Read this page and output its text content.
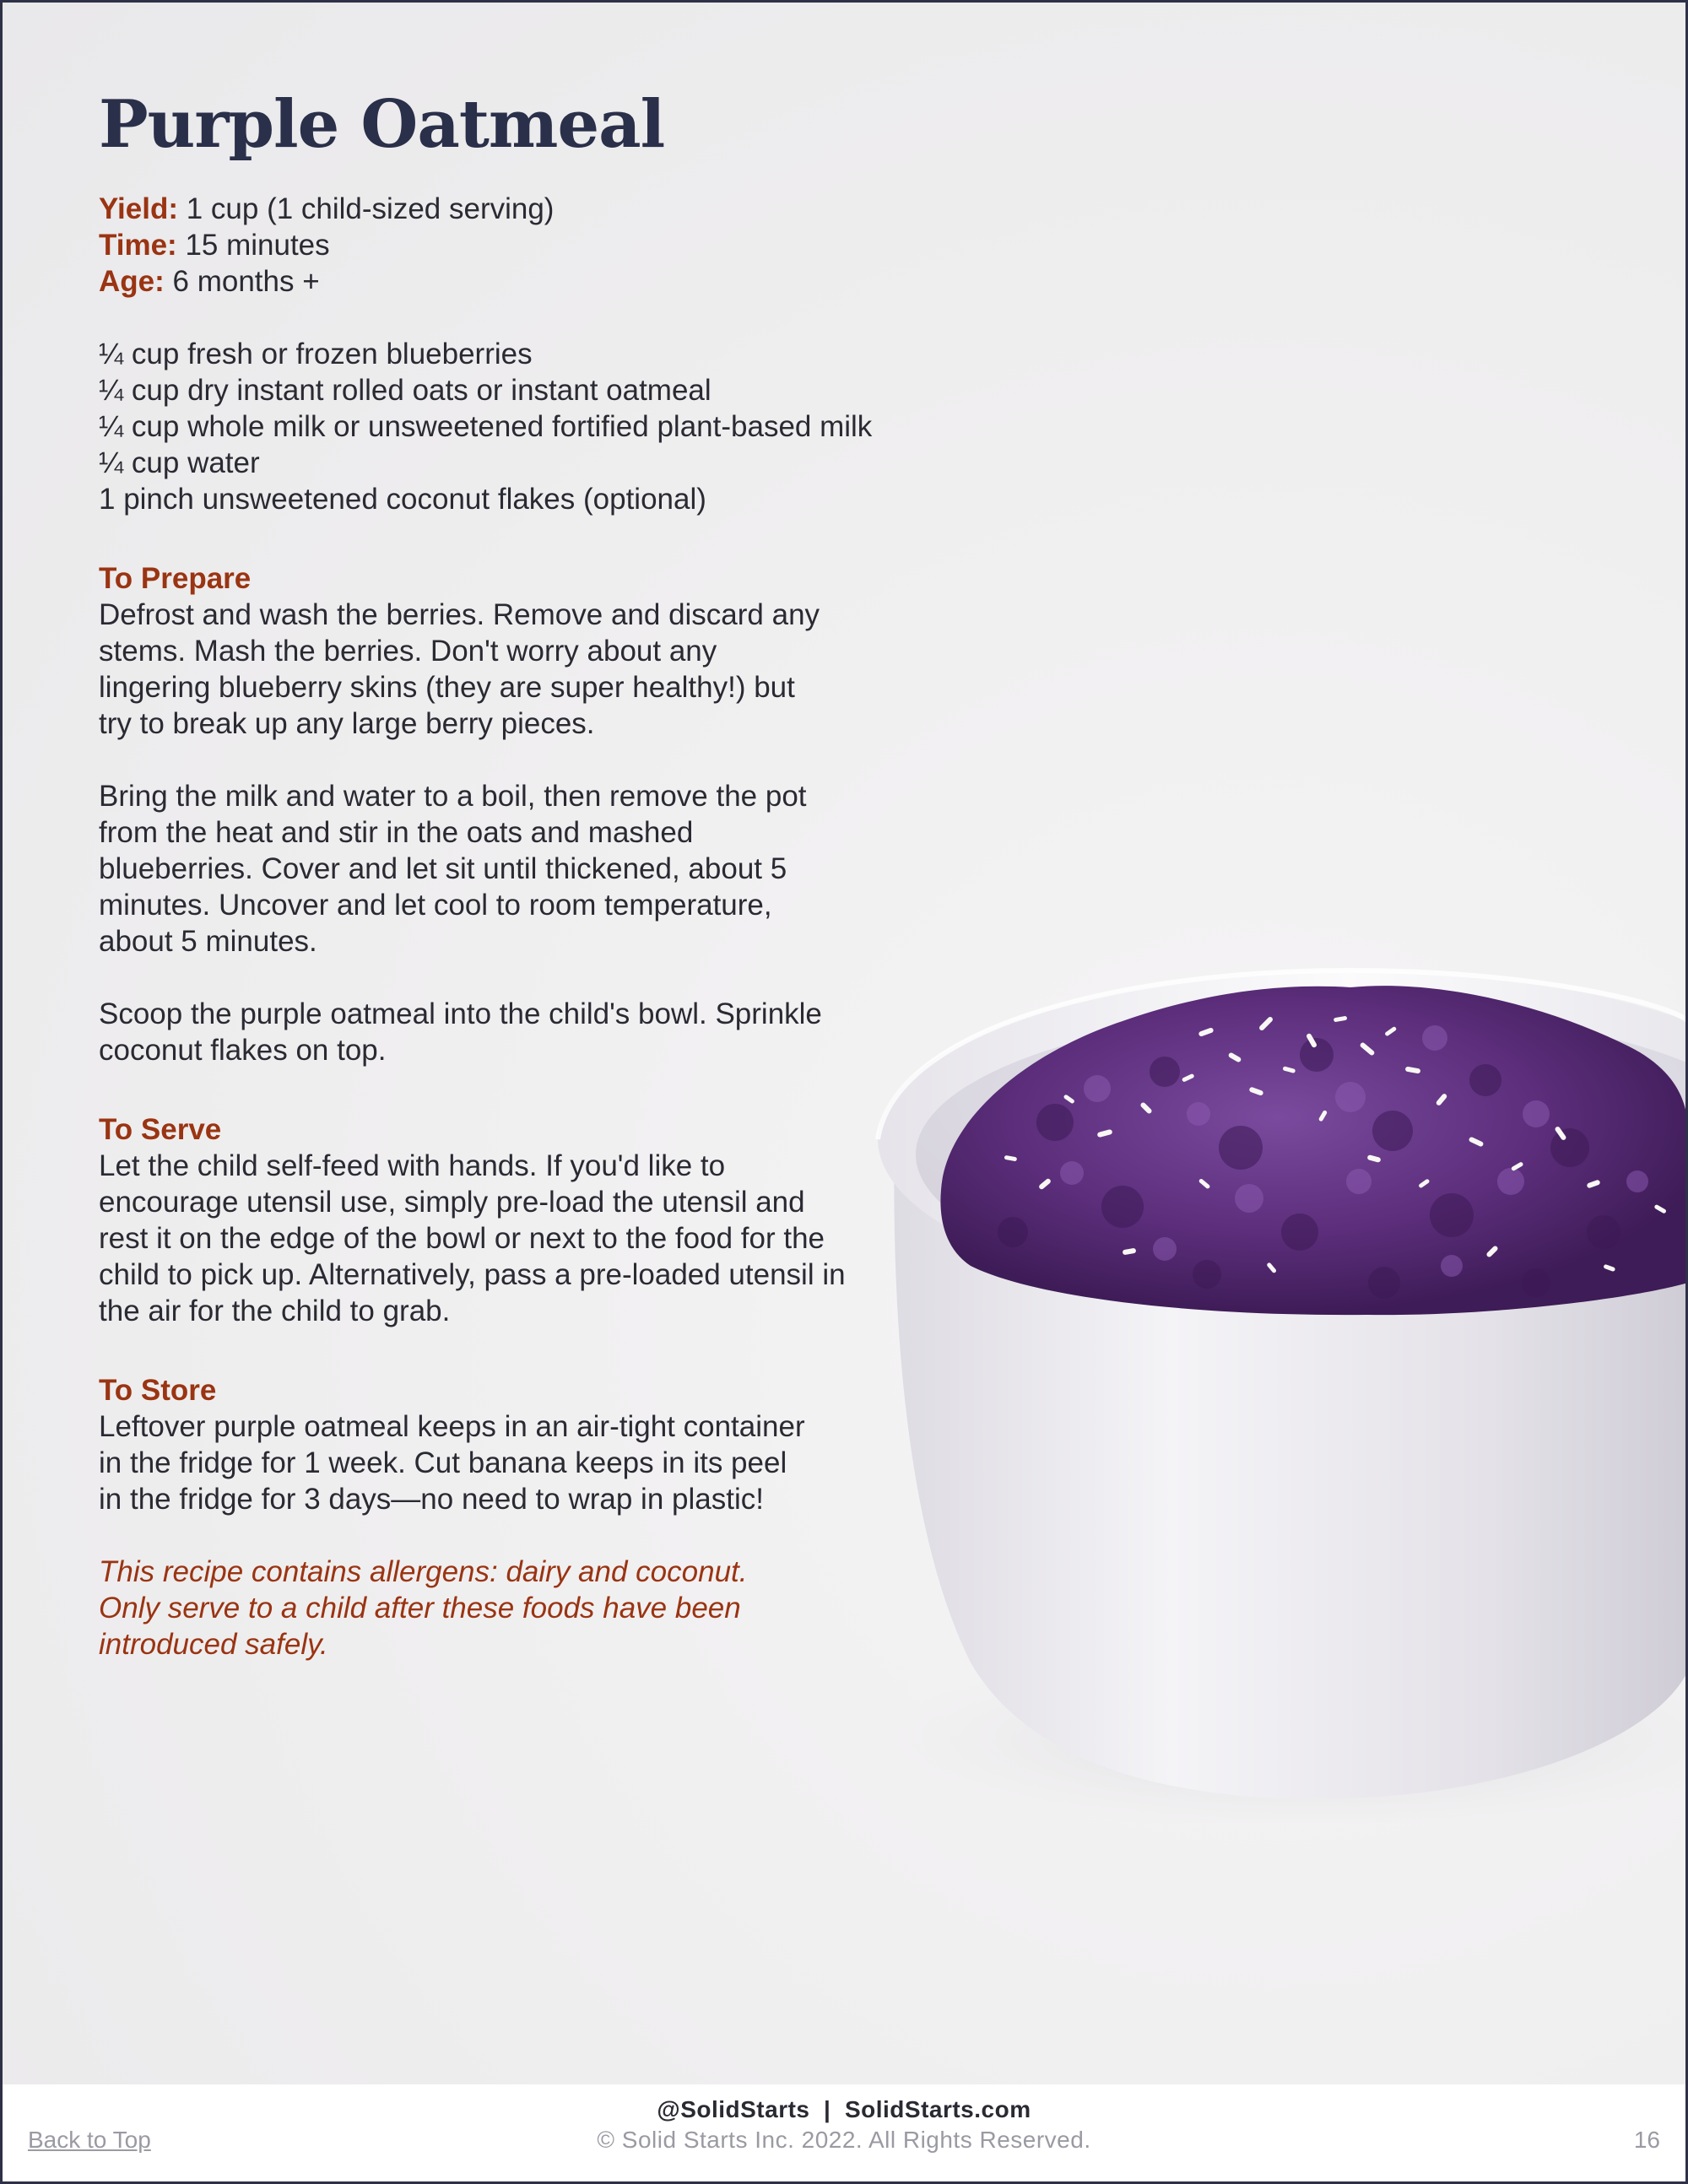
Purple Oatmeal

Yield: 1 cup (1 child-sized serving)

Time: 15 minutes

Age: 6 months +

¼ cup fresh or frozen blueberries
¼ cup dry instant rolled oats or instant oatmeal
¼ cup whole milk or unsweetened fortified plant-based milk
¼ cup water
1 pinch unsweetened coconut flakes (optional)
To Prepare

Defrost and wash the berries. Remove and discard any stems. Mash the berries. Don't worry about any lingering blueberry skins (they are super healthy!) but try to break up any large berry pieces.

Bring the milk and water to a boil, then remove the pot from the heat and stir in the oats and mashed blueberries. Cover and let sit until thickened, about 5 minutes. Uncover and let cool to room temperature, about 5 minutes.

Scoop the purple oatmeal into the child's bowl. Sprinkle coconut flakes on top.

To Serve

Let the child self-feed with hands. If you'd like to encourage utensil use, simply pre-load the utensil and rest it on the edge of the bowl or next to the food for the child to pick up. Alternatively, pass a pre-loaded utensil in the air for the child to grab.

To Store

Leftover purple oatmeal keeps in an air-tight container in the fridge for 1 week. Cut banana keeps in its peel in the fridge for 3 days—no need to wrap in plastic!

This recipe contains allergens: dairy and coconut. Only serve to a child after these foods have been introduced safely.

@SolidStarts  |  SolidStarts.com
© Solid Starts Inc. 2022. All Rights Reserved.
Back to Top	16
